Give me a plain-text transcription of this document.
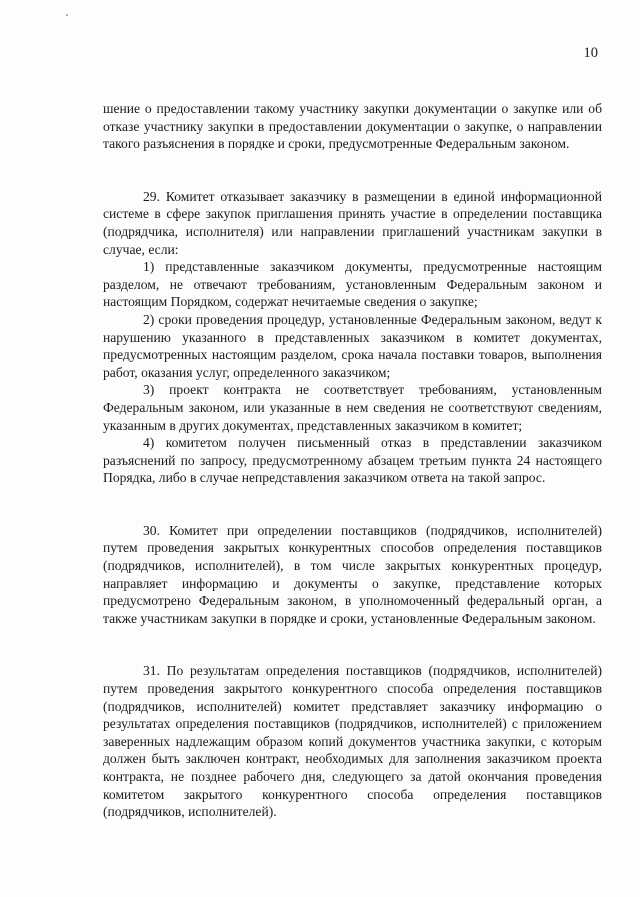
10

шение о предоставлении такому участнику закупки документации о закупке или об отказе участнику закупки в предоставлении документации о закупке, о направлении такого разъяснения в порядке и сроки, предусмотренные Федеральным законом.

29. Комитет отказывает заказчику в размещении в единой информационной системе в сфере закупок приглашения принять участие в определении поставщика (подрядчика, исполнителя) или направлении приглашений участникам закупки в случае, если:

1) представленные заказчиком документы, предусмотренные настоящим разделом, не отвечают требованиям, установленным Федеральным законом и настоящим Порядком, содержат нечитаемые сведения о закупке;

2) сроки проведения процедур, установленные Федеральным законом, ведут к нарушению указанного в представленных заказчиком в комитет документах, предусмотренных настоящим разделом, срока начала поставки товаров, выполнения работ, оказания услуг, определенного заказчиком;

3) проект контракта не соответствует требованиям, установленным Федеральным законом, или указанные в нем сведения не соответствуют сведениям, указанным в других документах, представленных заказчиком в комитет;

4) комитетом получен письменный отказ в представлении заказчиком разъяснений по запросу, предусмотренному абзацем третьим пункта 24 настоящего Порядка, либо в случае непредставления заказчиком ответа на такой запрос.

30. Комитет при определении поставщиков (подрядчиков, исполнителей) путем проведения закрытых конкурентных способов определения поставщиков (подрядчиков, исполнителей), в том числе закрытых конкурентных процедур, направляет информацию и документы о закупке, представление которых предусмотрено Федеральным законом, в уполномоченный федеральный орган, а также участникам закупки в порядке и сроки, установленные Федеральным законом.

31. По результатам определения поставщиков (подрядчиков, исполнителей) путем проведения закрытого конкурентного способа определения поставщиков (подрядчиков, исполнителей) комитет представляет заказчику информацию о результатах определения поставщиков (подрядчиков, исполнителей) с приложением заверенных надлежащим образом копий документов участника закупки, с которым должен быть заключен контракт, необходимых для заполнения заказчиком проекта контракта, не позднее рабочего дня, следующего за датой окончания проведения комитетом закрытого конкурентного способа определения поставщиков (подрядчиков, исполнителей).
